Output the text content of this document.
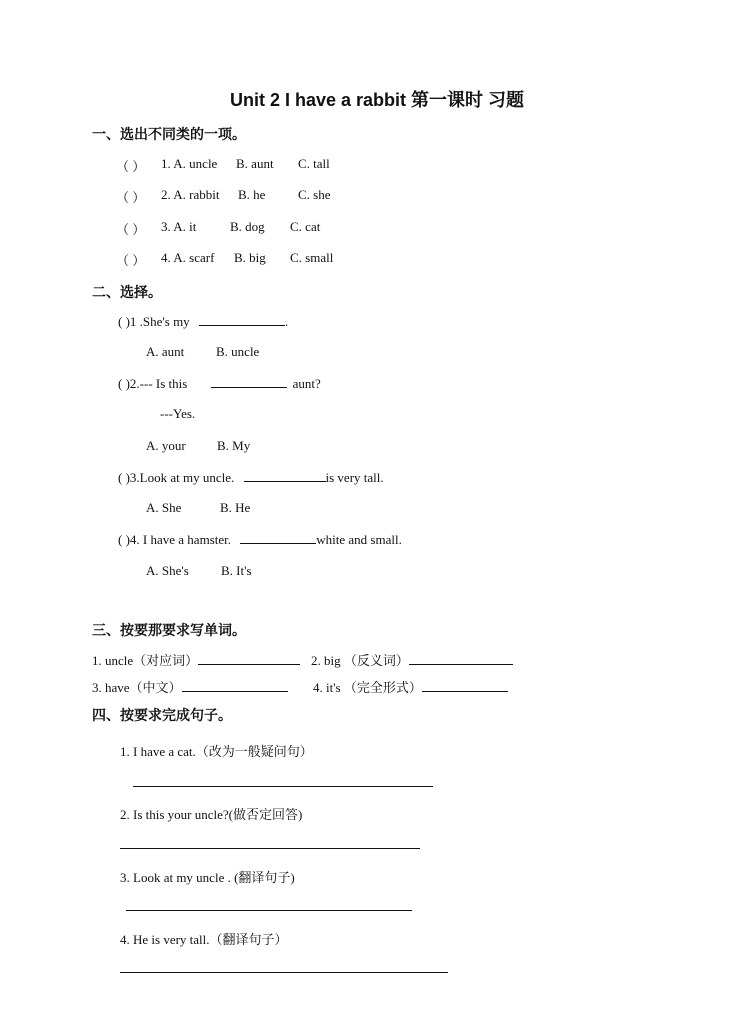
Unit 2 I have a rabbit 第一课时 习题
一、选出不同类的一项。
（ ） 1. A. uncle B. aunt C. tall
（ ） 2. A. rabbit B. he	C. she
（ ） 3. A. it	B. dog C. cat
（ ） 4. A. scarf B. big C. small
二、选择。
( )1 .She's my	.
A. aunt B. uncle
( )2.--- Is this	aunt?
---Yes.
A. your B. My
( )3.Look at my uncle.	is very tall.
A. She	B. He
( )4. I have a hamster.	white and small.
A. She's B. It's
三、按要那要求写单词。
1. uncle（对应词）	2. big （反义词）
3. have（中文）	4. it's （完全形式）
四、按要求完成句子。
1. I have a cat.（改为一般疑问句）
2. Is this your uncle?(做否定回答)
3. Look at my uncle . (翻译句子)
4. He is very tall.（翻译句子）
